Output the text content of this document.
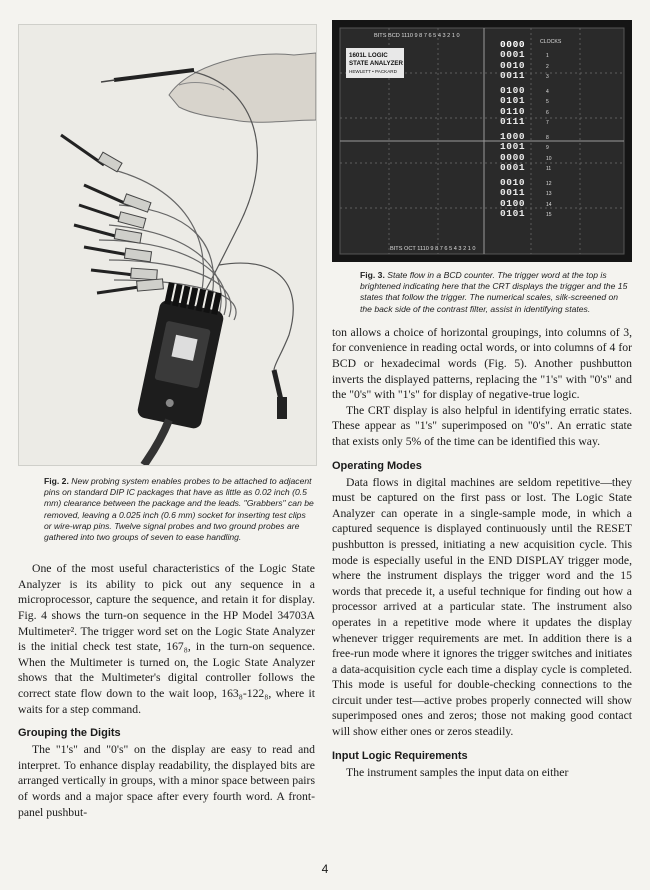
Fig. 2. New probing system enables probes to be attached to adjacent pins on standard DIP IC packages that have as little as 0.02 inch (0.5 mm) clearance between the package and the leads. "Grabbers" can be removed, leaving a 0.025 inch (0.6 mm) socket for inserting test clips or wire-wrap pins. Twelve signal probes and two ground probes are gathered into two groups of seven to ease handling.

One of the most useful characteristics of the Logic State Analyzer is its ability to pick out any sequence in a microprocessor, capture the sequence, and retain it for display. Fig. 4 shows the turn-on sequence in the HP Model 34703A Multimeter². The trigger word set on the Logic State Analyzer is the initial check test state, 167₈, in the turn-on sequence. When the Multimeter is turned on, the Logic State Analyzer shows that the Multimeter's digital controller follows the correct state flow down to the wait loop, 163₈-122₈, where it waits for a step command.

Grouping the Digits

The "1's" and "0's" on the display are easy to read and interpret. To enhance display readability, the displayed bits are arranged vertically in groups, with a minor space between pairs of words and a major space after every fourth word. A front-panel pushbut-

1601L LOGIC
STATE ANALYZER
HEWLETT • PACKARD
BITS BCD 1110 9 8 7 6 5 4 3 2 1 0
CLOCKS
BITS OCT 1110 9 8 7 6 5 4 3 2 1 0
0000
0001
0010
0011
0100
0101
0110
0111
1000
1001
0000
0001
0010
0011
0100
0101
1
2
3
4
5
6
7
8
9
10
11
12
13
14
15
Fig. 3. State flow in a BCD counter. The trigger word at the top is brightened indicating here that the CRT displays the trigger and the 15 states that follow the trigger. The numerical scales, silk-screened on the back side of the contrast filter, assist in identifying states.

ton allows a choice of horizontal groupings, into columns of 3, for convenience in reading octal words, or into columns of 4 for BCD or hexadecimal words (Fig. 5). Another pushbutton inverts the displayed patterns, replacing the "1's" with "0's" and the "0's" with "1's" for display of negative-true logic.

The CRT display is also helpful in identifying erratic states. These appear as "1's" superimposed on "0's". An erratic state that exists only 5% of the time can be identified this way.

Operating Modes

Data flows in digital machines are seldom repetitive—they must be captured on the first pass or lost. The Logic State Analyzer can operate in a single-sample mode, in which a captured sequence is displayed continuously until the RESET pushbutton is pressed, initiating a new acquisition cycle. This mode is especially useful in the END DISPLAY trigger mode, where the instrument displays the trigger word and the 15 words that precede it, a useful technique for finding out how a processor arrived at a particular state. The instrument also operates in a repetitive mode where it updates the display whenever trigger requirements are met. In addition there is a free-run mode where it ignores the trigger switches and initiates a data-acquisition cycle each time a display cycle is completed. This mode is useful for double-checking connections to the circuit under test—active probes properly connected will show superimposed ones and zeros; those not making good contact will show either ones or zeros steadily.

Input Logic Requirements

The instrument samples the input data on either

4
